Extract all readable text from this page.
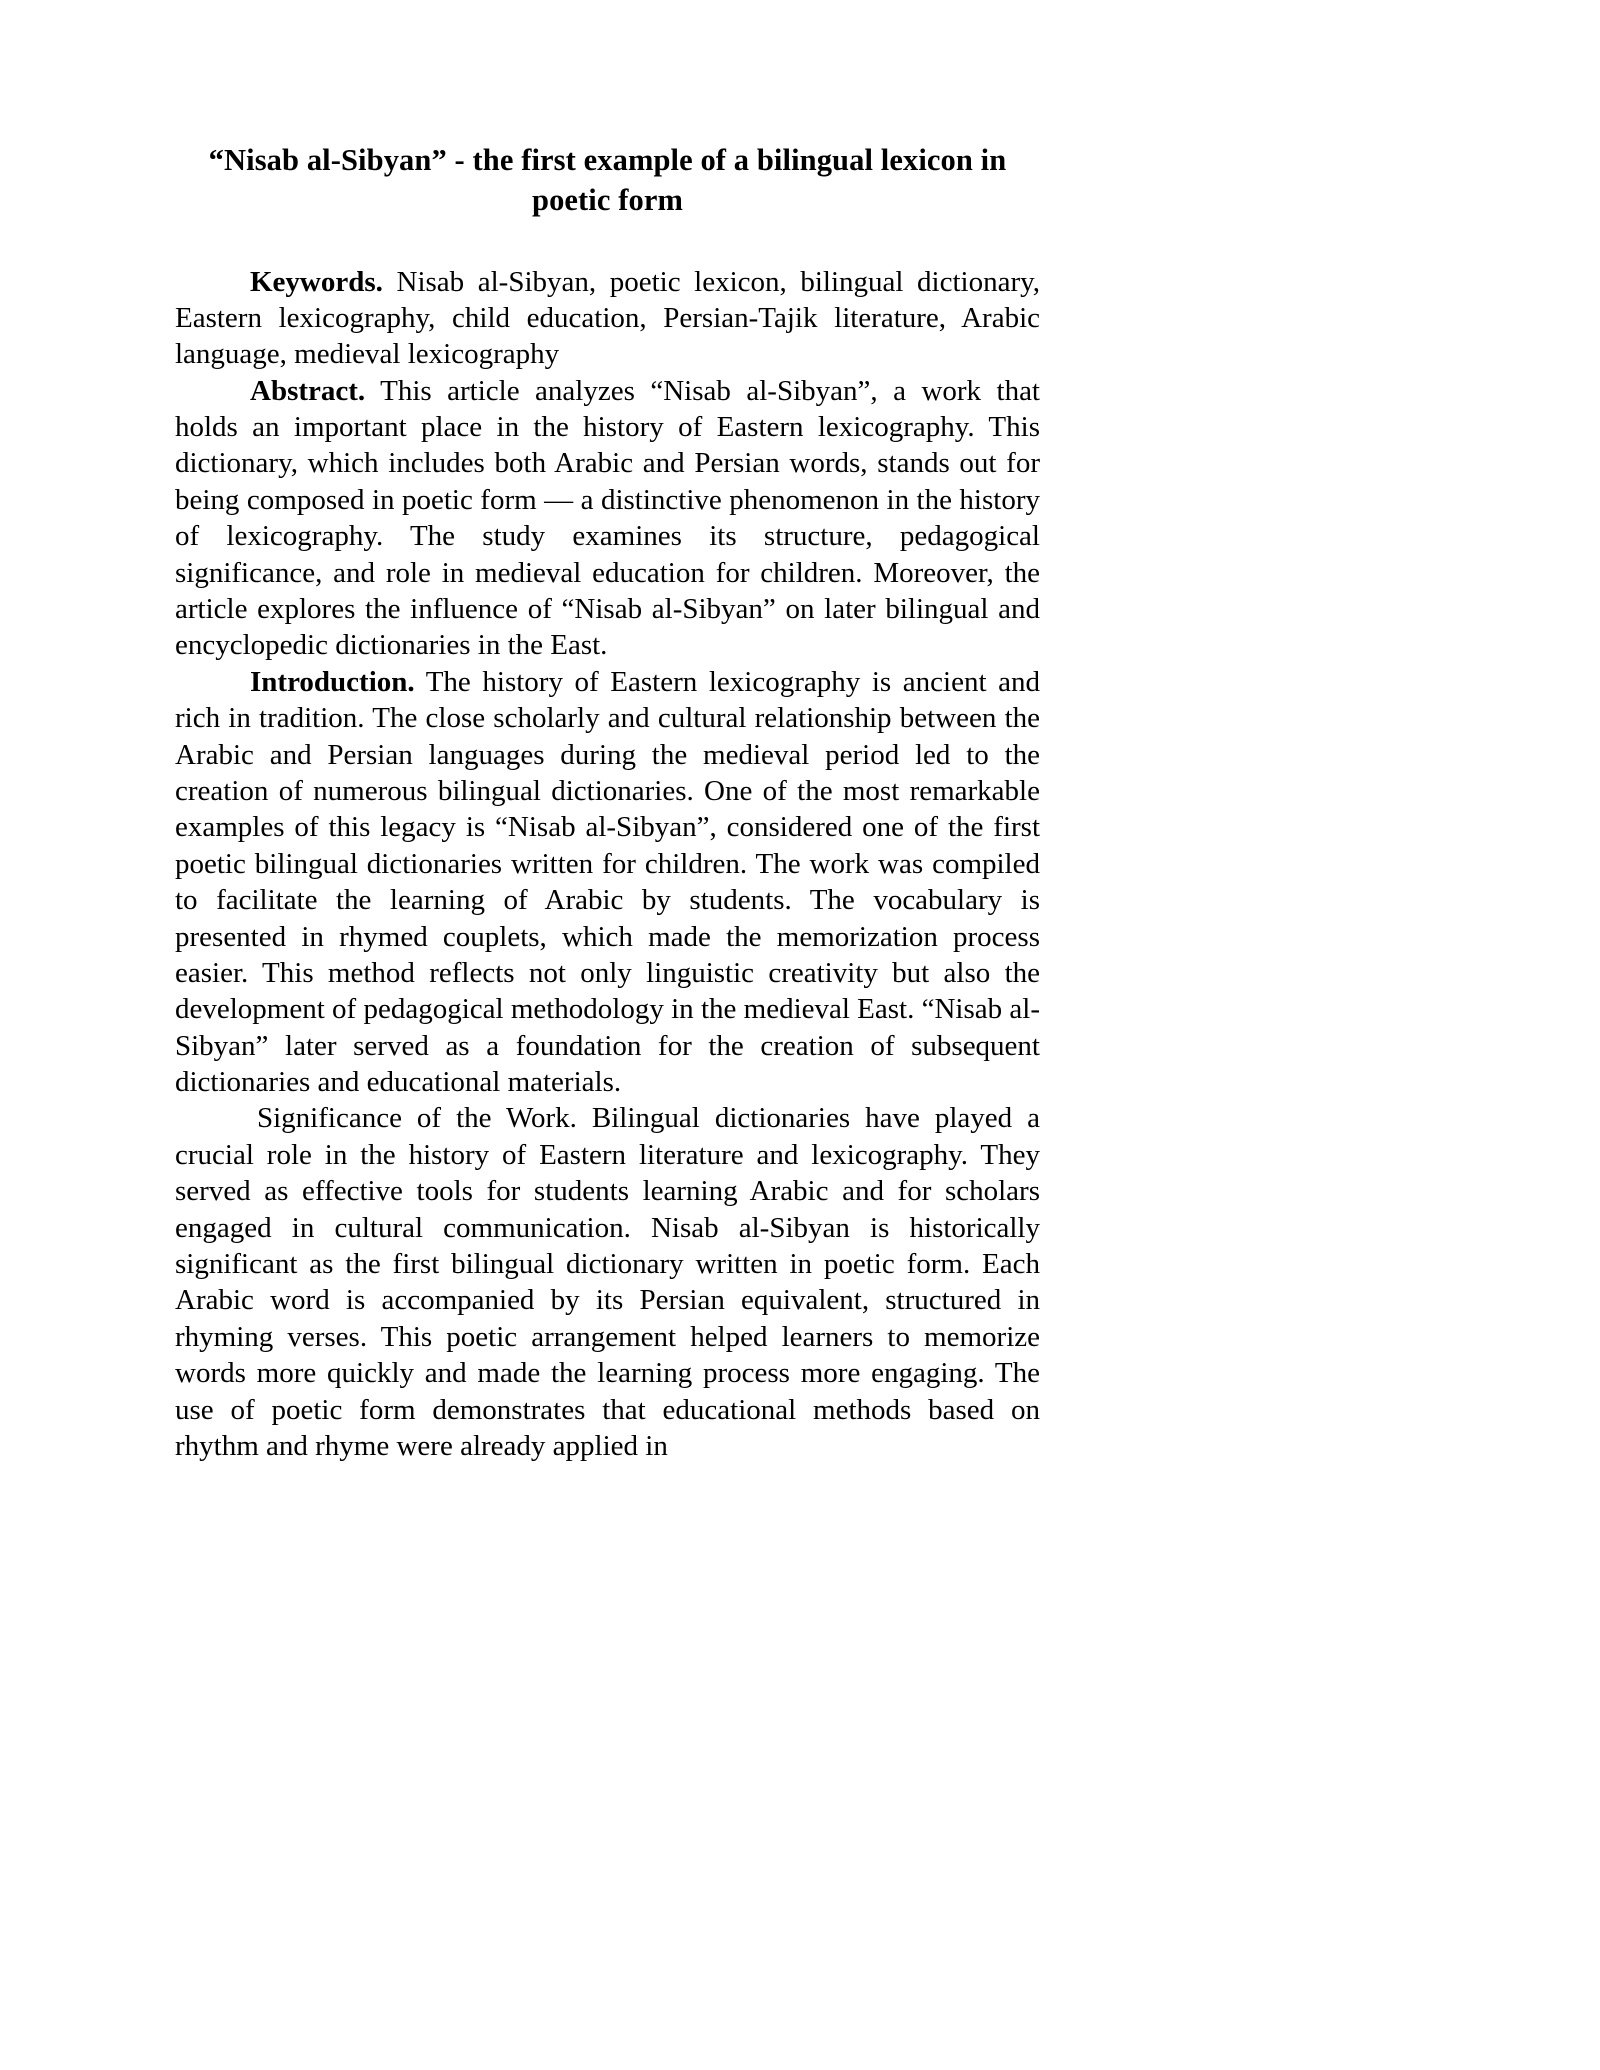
“Nisab al-Sibyan” - the first example of a bilingual lexicon in poetic form

Keywords. Nisab al-Sibyan, poetic lexicon, bilingual dictionary, Eastern lexicography, child education, Persian-Tajik literature, Arabic language, medieval lexicography

Abstract. This article analyzes “Nisab al-Sibyan”, a work that holds an important place in the history of Eastern lexicography. This dictionary, which includes both Arabic and Persian words, stands out for being composed in poetic form — a distinctive phenomenon in the history of lexicography. The study examines its structure, pedagogical significance, and role in medieval education for children. Moreover, the article explores the influence of “Nisab al-Sibyan” on later bilingual and encyclopedic dictionaries in the East.

Introduction. The history of Eastern lexicography is ancient and rich in tradition. The close scholarly and cultural relationship between the Arabic and Persian languages during the medieval period led to the creation of numerous bilingual dictionaries. One of the most remarkable examples of this legacy is “Nisab al-Sibyan”, considered one of the first poetic bilingual dictionaries written for children. The work was compiled to facilitate the learning of Arabic by students. The vocabulary is presented in rhymed couplets, which made the memorization process easier. This method reflects not only linguistic creativity but also the development of pedagogical methodology in the medieval East. “Nisab al-Sibyan” later served as a foundation for the creation of subsequent dictionaries and educational materials.

Significance of the Work. Bilingual dictionaries have played a crucial role in the history of Eastern literature and lexicography. They served as effective tools for students learning Arabic and for scholars engaged in cultural communication. Nisab al-Sibyan is historically significant as the first bilingual dictionary written in poetic form. Each Arabic word is accompanied by its Persian equivalent, structured in rhyming verses. This poetic arrangement helped learners to memorize words more quickly and made the learning process more engaging. The use of poetic form demonstrates that educational methods based on rhythm and rhyme were already applied in
